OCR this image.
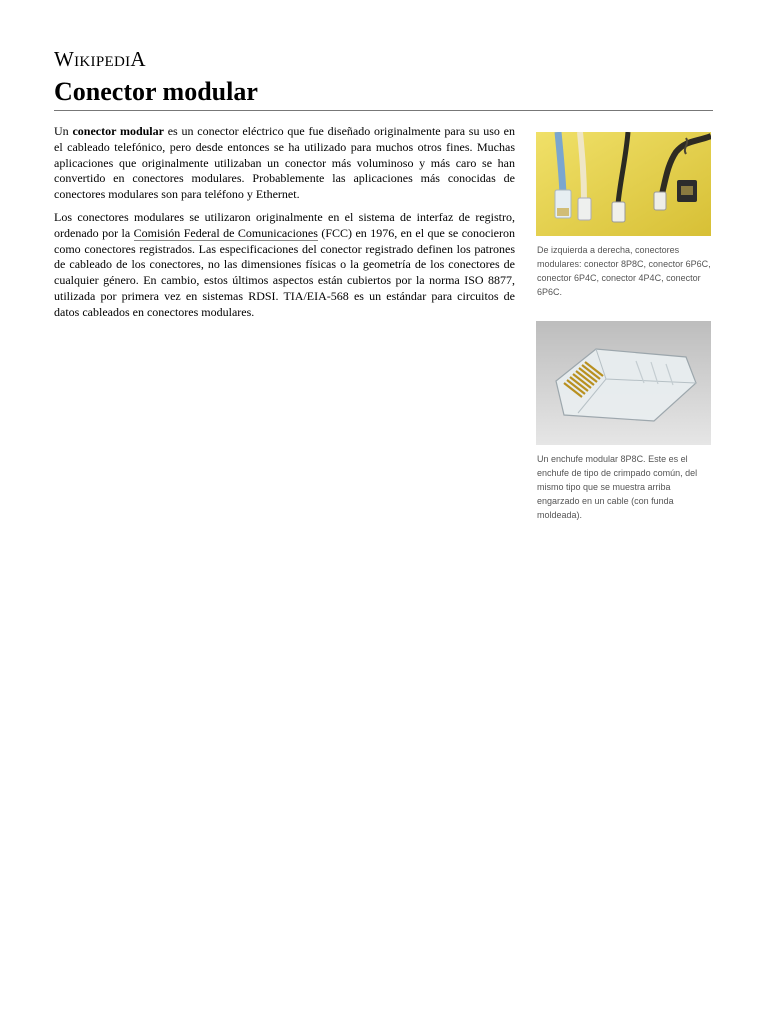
WIKIPEDIA
Conector modular

Un conector modular es un conector eléctrico que fue diseñado originalmente para su uso en el cableado telefónico, pero desde entonces se ha utilizado para muchos otros fines. Muchas aplicaciones que originalmente utilizaban un conector más voluminoso y más caro se han convertido en conectores modulares. Probablemente las aplicaciones más conocidas de conectores modulares son para teléfono y Ethernet.

Los conectores modulares se utilizaron originalmente en el sistema de interfaz de registro, ordenado por la Comisión Federal de Comunicaciones (FCC) en 1976, en el que se conocieron como conectores registrados. Las especificaciones del conector registrado definen los patrones de cableado de los conectores, no las dimensiones físicas o la geometría de los conectores de cualquier género. En cambio, estos últimos aspectos están cubiertos por la norma ISO 8877, utilizada por primera vez en sistemas RDSI. TIA/EIA-568 es un estándar para circuitos de datos cableados en conectores modulares.

De izquierda a derecha, conectores modulares: conector 8P8C, conector 6P6C, conector 6P4C, conector 4P4C, conector 6P6C.
Un enchufe modular 8P8C. Este es el enchufe de tipo de crimpado común, del mismo tipo que se muestra arriba engarzado en un cable (con funda moldeada).
